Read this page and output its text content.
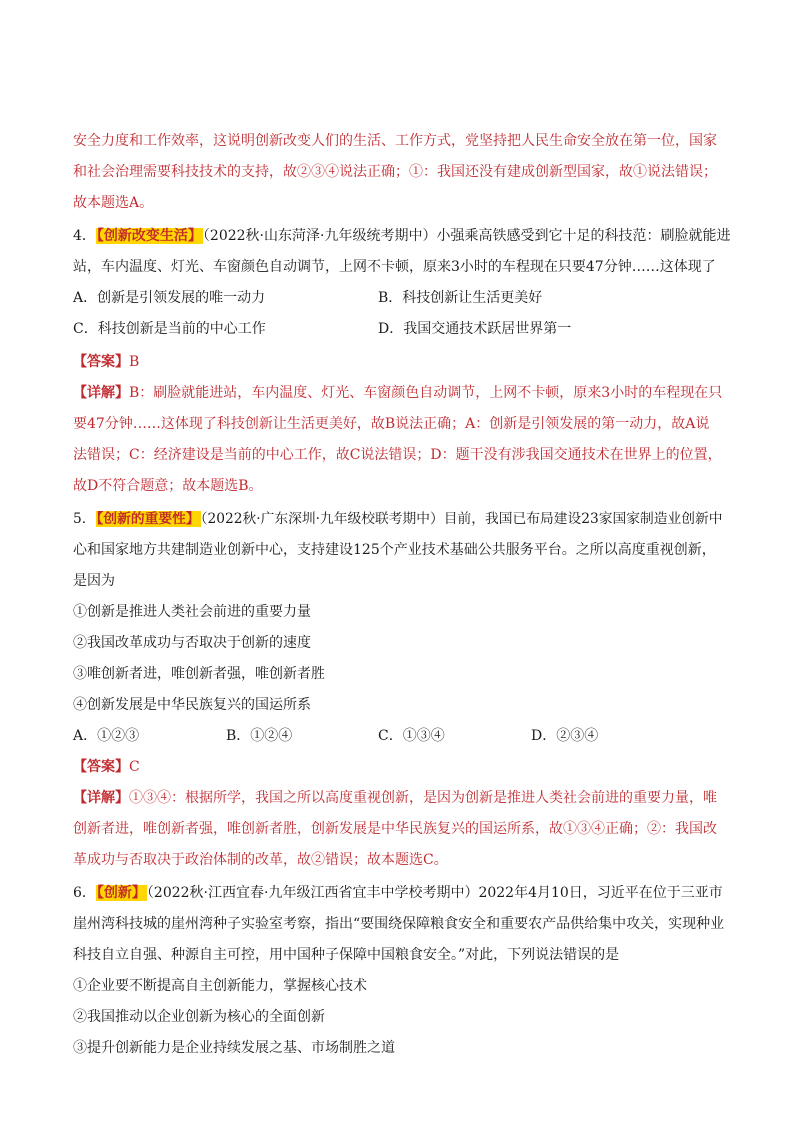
安全力度和工作效率，这说明创新改变人们的生活、工作方式，党坚持把人民生命安全放在第一位，国家
和社会治理需要科技技术的支持，故②③④说法正确；①：我国还没有建成创新型国家，故①说法错误；
故本题选A。
4．【创新改变生活】（2022秋·山东菏泽·九年级统考期中）小强乘高铁感受到它十足的科技范：刷脸就能进
站，车内温度、灯光、车窗颜色自动调节，上网不卡顿，原来3小时的车程现在只要47分钟……这体现了
A．创新是引领发展的唯一动力	B．科技创新让生活更美好
C．科技创新是当前的中心工作	D．我国交通技术跃居世界第一
【答案】B
【详解】B：刷脸就能进站，车内温度、灯光、车窗颜色自动调节，上网不卡顿，原来3小时的车程现在只
要47分钟……这体现了科技创新让生活更美好，故B说法正确；A：创新是引领发展的第一动力，故A说
法错误；C：经济建设是当前的中心工作，故C说法错误；D：题干没有涉我国交通技术在世界上的位置，
故D不符合题意；故本题选B。
5．【创新的重要性】（2022秋·广东深圳·九年级校联考期中）目前，我国已布局建设23家国家制造业创新中
心和国家地方共建制造业创新中心，支持建设125个产业技术基础公共服务平台。之所以高度重视创新，
是因为
①创新是推进人类社会前进的重要力量
②我国改革成功与否取决于创新的速度
③唯创新者进，唯创新者强，唯创新者胜
④创新发展是中华民族复兴的国运所系
A．①②③	B．①②④	C．①③④	D．②③④
【答案】C
【详解】①③④：根据所学，我国之所以高度重视创新，是因为创新是推进人类社会前进的重要力量，唯
创新者进，唯创新者强，唯创新者胜，创新发展是中华民族复兴的国运所系，故①③④正确；②：我国改
革成功与否取决于政治体制的改革，故②错误；故本题选C。
6．【创新】（2022秋·江西宜春·九年级江西省宜丰中学校考期中）2022年4月10日，习近平在位于三亚市
崖州湾科技城的崖州湾种子实验室考察，指出“要围绕保障粮食安全和重要农产品供给集中攻关，实现种业
科技自立自强、种源自主可控，用中国种子保障中国粮食安全。”对此，下列说法错误的是
①企业要不断提高自主创新能力，掌握核心技术
②我国推动以企业创新为核心的全面创新
③提升创新能力是企业持续发展之基、市场制胜之道
